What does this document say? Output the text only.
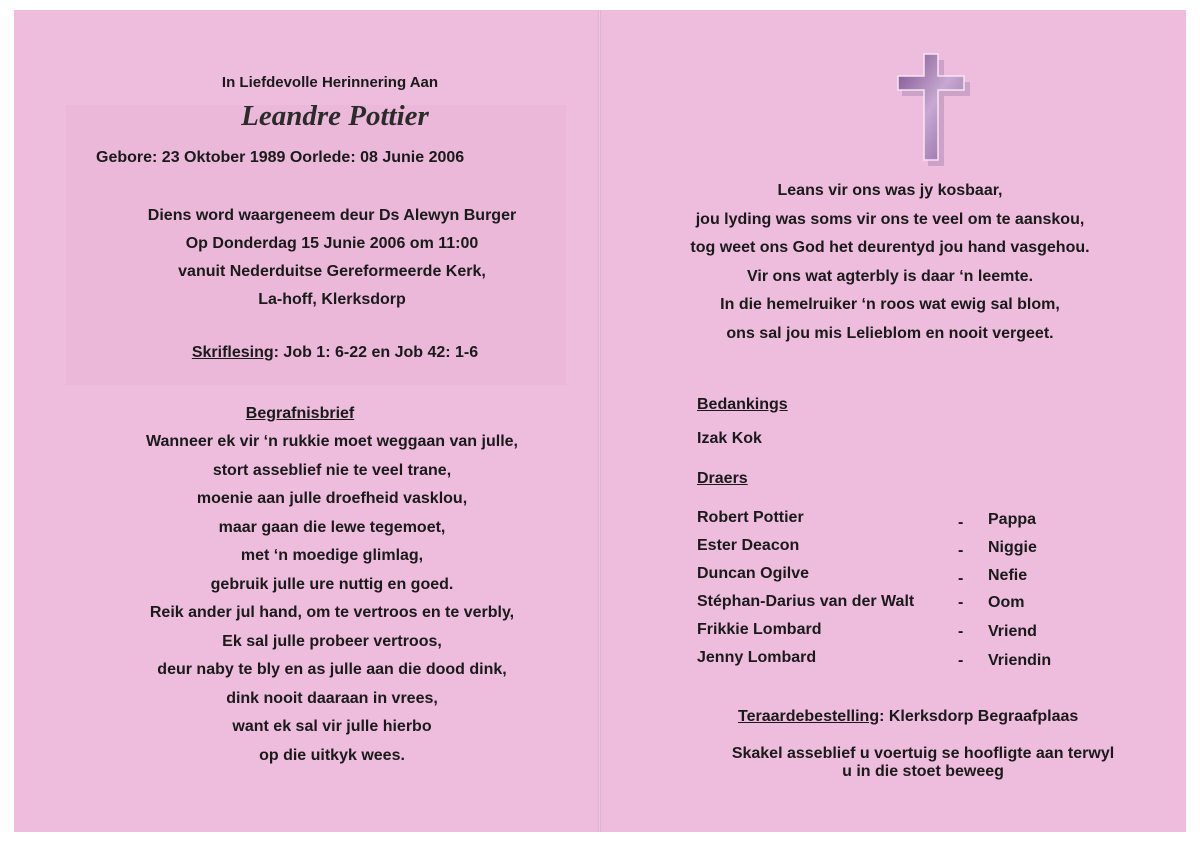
In Liefdevolle Herinnering Aan
Leandre Pottier
Gebore: 23 Oktober 1989 Oorlede: 08 Junie 2006
Diens word waargeneem deur Ds Alewyn Burger
Op Donderdag 15 Junie 2006 om 11:00
vanuit Nederduitse Gereformeerde Kerk,
La-hoff, Klerksdorp
Skriflesing: Job 1: 6-22 en Job 42: 1-6
Begrafnisbrief
Wanneer ek vir ‘n rukkie moet weggaan van julle,
stort asseblief nie te veel trane,
moenie aan julle droefheid vasklou,
maar gaan die lewe tegemoet,
met ‘n moedige glimlag,
gebruik julle ure nuttig en goed.
Reik ander jul hand, om te vertroos en te verbly,
Ek sal julle probeer vertroos,
deur naby te bly en as julle aan die dood dink,
dink nooit daaraan in vrees,
want ek sal vir julle hierbo
op die uitkyk wees.
Leans vir ons was jy kosbaar,
jou lyding was soms vir ons te veel om te aanskou,
tog weet ons God het deurentyd jou hand vasgehou.
Vir ons wat agterbly is daar ‘n leemte.
In die hemelruiker ‘n roos wat ewig sal blom,
ons sal jou mis Lelieblom en nooit vergeet.
Bedankings
Izak Kok
Draers
Robert Pottier	- Pappa
Ester Deacon	- Niggie
Duncan Ogilve	- Nefie
Stéphan-Darius van der Walt	- Oom
Frikkie Lombard	- Vriend
Jenny Lombard	- Vriendin
Teraardebestelling: Klerksdorp Begraafplaas
Skakel asseblief u voertuig se hoofligte aan terwyl
u in die stoet beweeg
